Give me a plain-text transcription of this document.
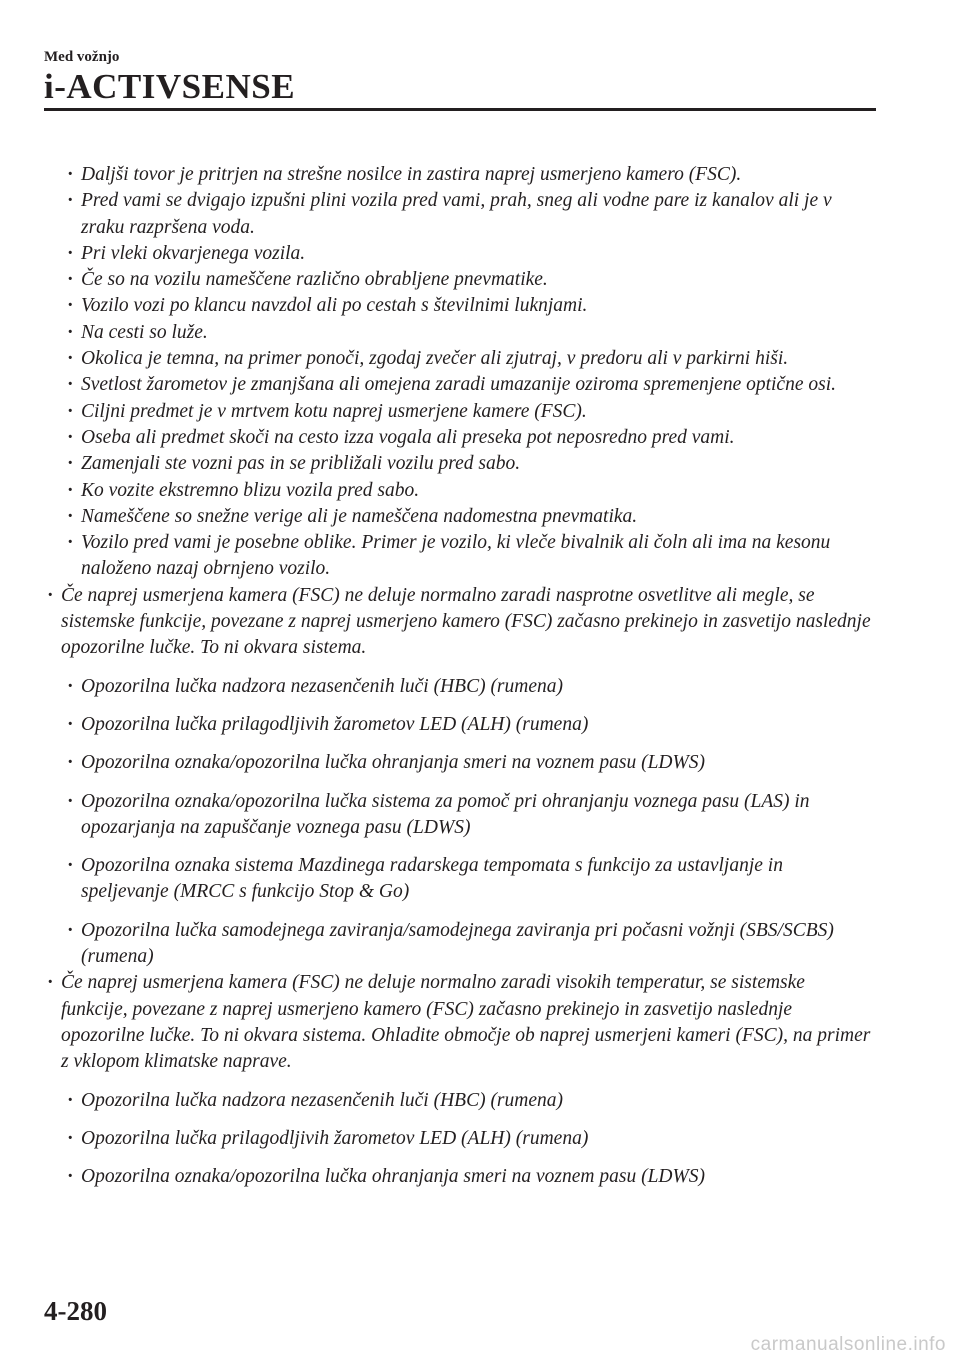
Med vožnjo
i-ACTIVSENSE
· Daljši tovor je pritrjen na strešne nosilce in zastira naprej usmerjeno kamero (FSC).
· Pred vami se dvigajo izpušni plini vozila pred vami, prah, sneg ali vodne pare iz kanalov ali je v zraku razpršena voda.
· Pri vleki okvarjenega vozila.
· Če so na vozilu nameščene različno obrabljene pnevmatike.
· Vozilo vozi po klancu navzdol ali po cestah s številnimi luknjami.
· Na cesti so luže.
· Okolica je temna, na primer ponoči, zgodaj zvečer ali zjutraj, v predoru ali v parkirni hiši.
· Svetlost žarometov je zmanjšana ali omejena zaradi umazanije oziroma spremenjene optične osi.
· Ciljni predmet je v mrtvem kotu naprej usmerjene kamere (FSC).
· Oseba ali predmet skoči na cesto izza vogala ali preseka pot neposredno pred vami.
· Zamenjali ste vozni pas in se približali vozilu pred sabo.
· Ko vozite ekstremno blizu vozila pred sabo.
· Nameščene so snežne verige ali je nameščena nadomestna pnevmatika.
· Vozilo pred vami je posebne oblike. Primer je vozilo, ki vleče bivalnik ali čoln ali ima na kesonu naloženo nazaj obrnjeno vozilo.
· Če naprej usmerjena kamera (FSC) ne deluje normalno zaradi nasprotne osvetlitve ali megle, se sistemske funkcije, povezane z naprej usmerjeno kamero (FSC) začasno prekinejo in zasvetijo naslednje opozorilne lučke. To ni okvara sistema.
· Opozorilna lučka nadzora nezasenčenih luči (HBC) (rumena)
· Opozorilna lučka prilagodljivih žarometov LED (ALH) (rumena)
· Opozorilna oznaka/opozorilna lučka ohranjanja smeri na voznem pasu (LDWS)
· Opozorilna oznaka/opozorilna lučka sistema za pomoč pri ohranjanju voznega pasu (LAS) in opozarjanja na zapuščanje voznega pasu (LDWS)
· Opozorilna oznaka sistema Mazdinega radarskega tempomata s funkcijo za ustavljanje in speljevanje (MRCC s funkcijo Stop & Go)
· Opozorilna lučka samodejnega zaviranja/samodejnega zaviranja pri počasni vožnji (SBS/SCBS) (rumena)
· Če naprej usmerjena kamera (FSC) ne deluje normalno zaradi visokih temperatur, se sistemske funkcije, povezane z naprej usmerjeno kamero (FSC) začasno prekinejo in zasvetijo naslednje opozorilne lučke. To ni okvara sistema. Ohladite območje ob naprej usmerjeni kameri (FSC), na primer z vklopom klimatske naprave.
· Opozorilna lučka nadzora nezasenčenih luči (HBC) (rumena)
· Opozorilna lučka prilagodljivih žarometov LED (ALH) (rumena)
· Opozorilna oznaka/opozorilna lučka ohranjanja smeri na voznem pasu (LDWS)
4-280
carmanualsonline.info
